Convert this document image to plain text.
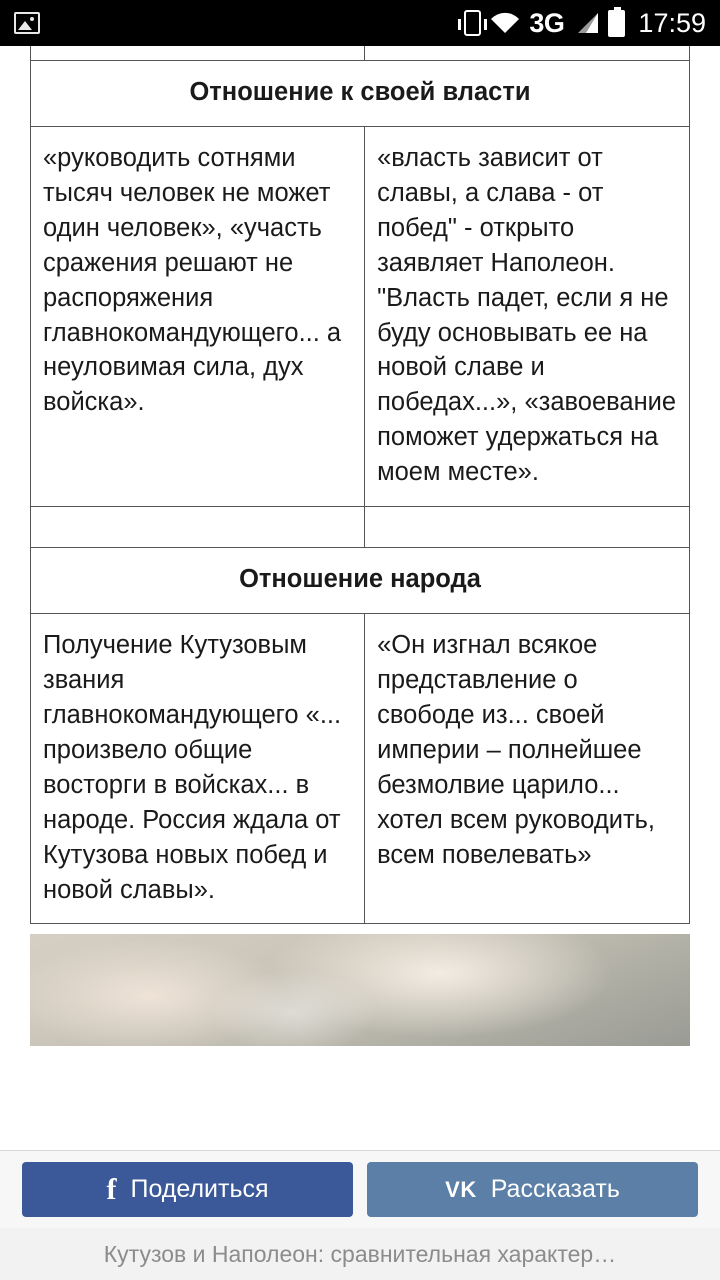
3G	17:59

Отношение к своей власти	
«руководить сотнями тысяч человек не может один человек», «участь сражения решают не распоряжения главнокомандующего... а неуловимая сила, дух войска».	«власть зависит от славы, а слава - от побед" - открыто заявляет Наполеон. "Власть падет, если я не буду основывать ее на новой славе и победах...», «завоевание поможет удержаться на моем месте».

Отношение народа	
Получение Кутузовым звания главнокомандующего «... произвело общие восторги в войсках... в народе. Россия ждала от Кутузова новых побед и новой славы».	«Он изгнал всякое представление о свободе из... своей империи – полнейшее безмолвие царило... хотел всем руководить, всем повелевать»
f Поделиться	VK Рассказать
Кутузов и Наполеон: сравнительная характер…
